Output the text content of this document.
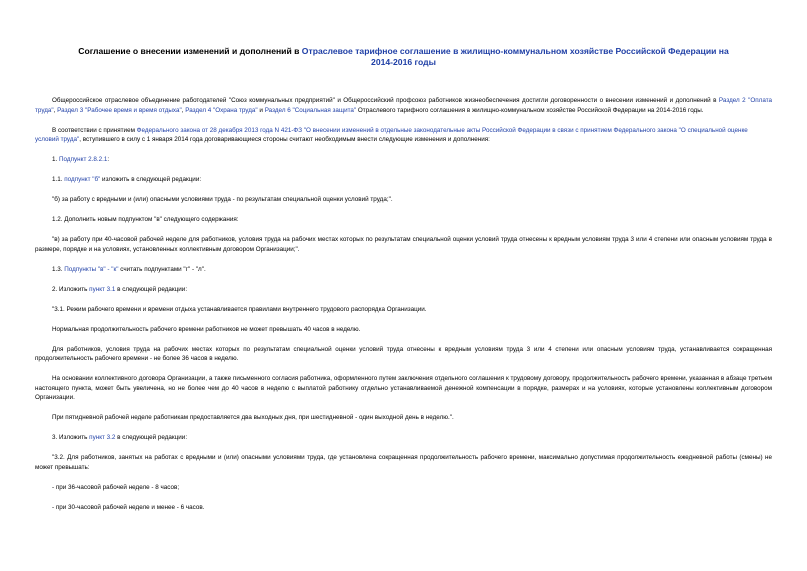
Соглашение о внесении изменений и дополнений в Отраслевое тарифное соглашение в жилищно-коммунальном хозяйстве Российской Федерации на 2014-2016 годы

Общероссийское отраслевое объединение работодателей "Союз коммунальных предприятий" и Общероссийский профсоюз работников жизнеобеспечения достигли договоренности о внесении изменений и дополнений в Раздел 2 "Оплата труда", Раздел 3 "Рабочее время и время отдыха", Раздел 4 "Охрана труда" и Раздел 6 "Социальная защита" Отраслевого тарифного соглашения в жилищно-коммунальном хозяйстве Российской Федерации на 2014-2016 годы.

В соответствии с принятием Федерального закона от 28 декабря 2013 года N 421-ФЗ "О внесении изменений в отдельные законодательные акты Российской Федерации в связи с принятием Федерального закона "О специальной оценке условий труда", вступившего в силу с 1 января 2014 года договаривающиеся стороны считают необходимым внести следующие изменения и дополнения:

1. Подпункт 2.8.2.1:

1.1. подпункт "б" изложить в следующей редакции:

"б) за работу с вредными и (или) опасными условиями труда - по результатам специальной оценки условий труда;".

1.2. Дополнить новым подпунктом "в" следующего содержания:

"в) за работу при 40-часовой рабочей неделе для работников, условия труда на рабочих местах которых по результатам специальной оценки условий труда отнесены к вредным условиям труда 3 или 4 степени или опасным условиям труда в размере, порядке и на условиях, установленных коллективным договором Организации;".

1.3. Подпункты "в" - "к" считать подпунктами "г" - "л".

2. Изложить пункт 3.1 в следующей редакции:

"3.1. Режим рабочего времени и времени отдыха устанавливается правилами внутреннего трудового распорядка Организации.

Нормальная продолжительность рабочего времени работников не может превышать 40 часов в неделю.

Для работников, условия труда на рабочих местах которых по результатам специальной оценки условий труда отнесены к вредным условиям труда 3 или 4 степени или опасным условиям труда, устанавливается сокращенная продолжительность рабочего времени - не более 36 часов в неделю.

На основании коллективного договора Организации, а также письменного согласия работника, оформленного путем заключения отдельного соглашения к трудовому договору, продолжительность рабочего времени, указанная в абзаце третьем настоящего пункта, может быть увеличена, но не более чем до 40 часов в неделю с выплатой работнику отдельно устанавливаемой денежной компенсации в порядке, размерах и на условиях, которые установлены коллективным договором Организации.

При пятидневной рабочей неделе работникам предоставляется два выходных дня, при шестидневной - один выходной день в неделю.".

3. Изложить пункт 3.2 в следующей редакции:

"3.2. Для работников, занятых на работах с вредными и (или) опасными условиями труда, где установлена сокращенная продолжительность рабочего времени, максимально допустимая продолжительность ежедневной работы (смены) не может превышать:

- при 36-часовой рабочей неделе - 8 часов;

- при 30-часовой рабочей неделе и менее - 6 часов.
